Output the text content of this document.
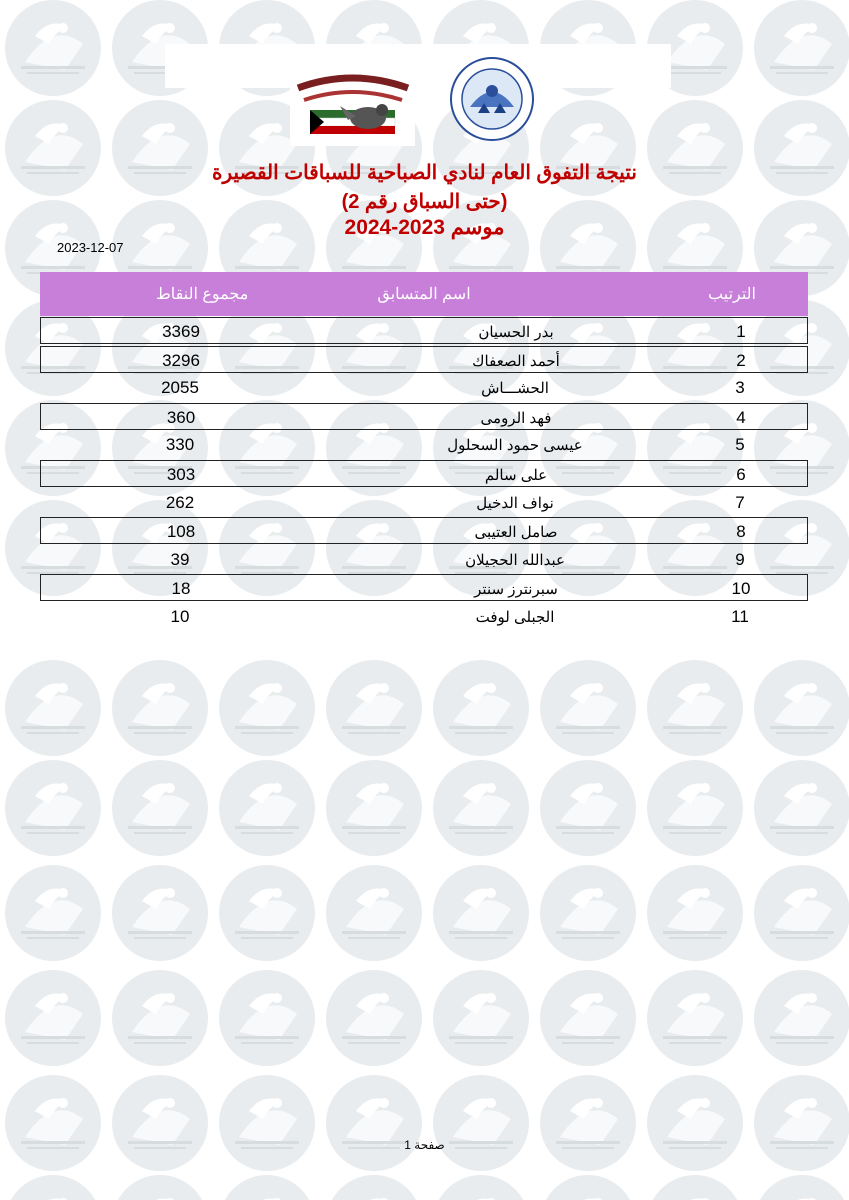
نتيجة التفوق العام لنادي الصباحية للسباقات القصيرة
(حتى السباق رقم 2)
موسم 2023-2024
2023-12-07
الترتيب
اسم المتسابق
مجموع النقاط
1
بدر الحسيان
3369
2
أحمد الصعفاك
3296
3
الحشـــاش
2055
4
فهد الرومى
360
5
عيسى حمود السحلول
330
6
على سالم
303
7
نواف الدخيل
262
8
صامل العتيبى
108
9
عبدالله الحجيلان
39
10
سبرنترز سنتر
18
11
الجبلى لوفت
10
صفحة 1
